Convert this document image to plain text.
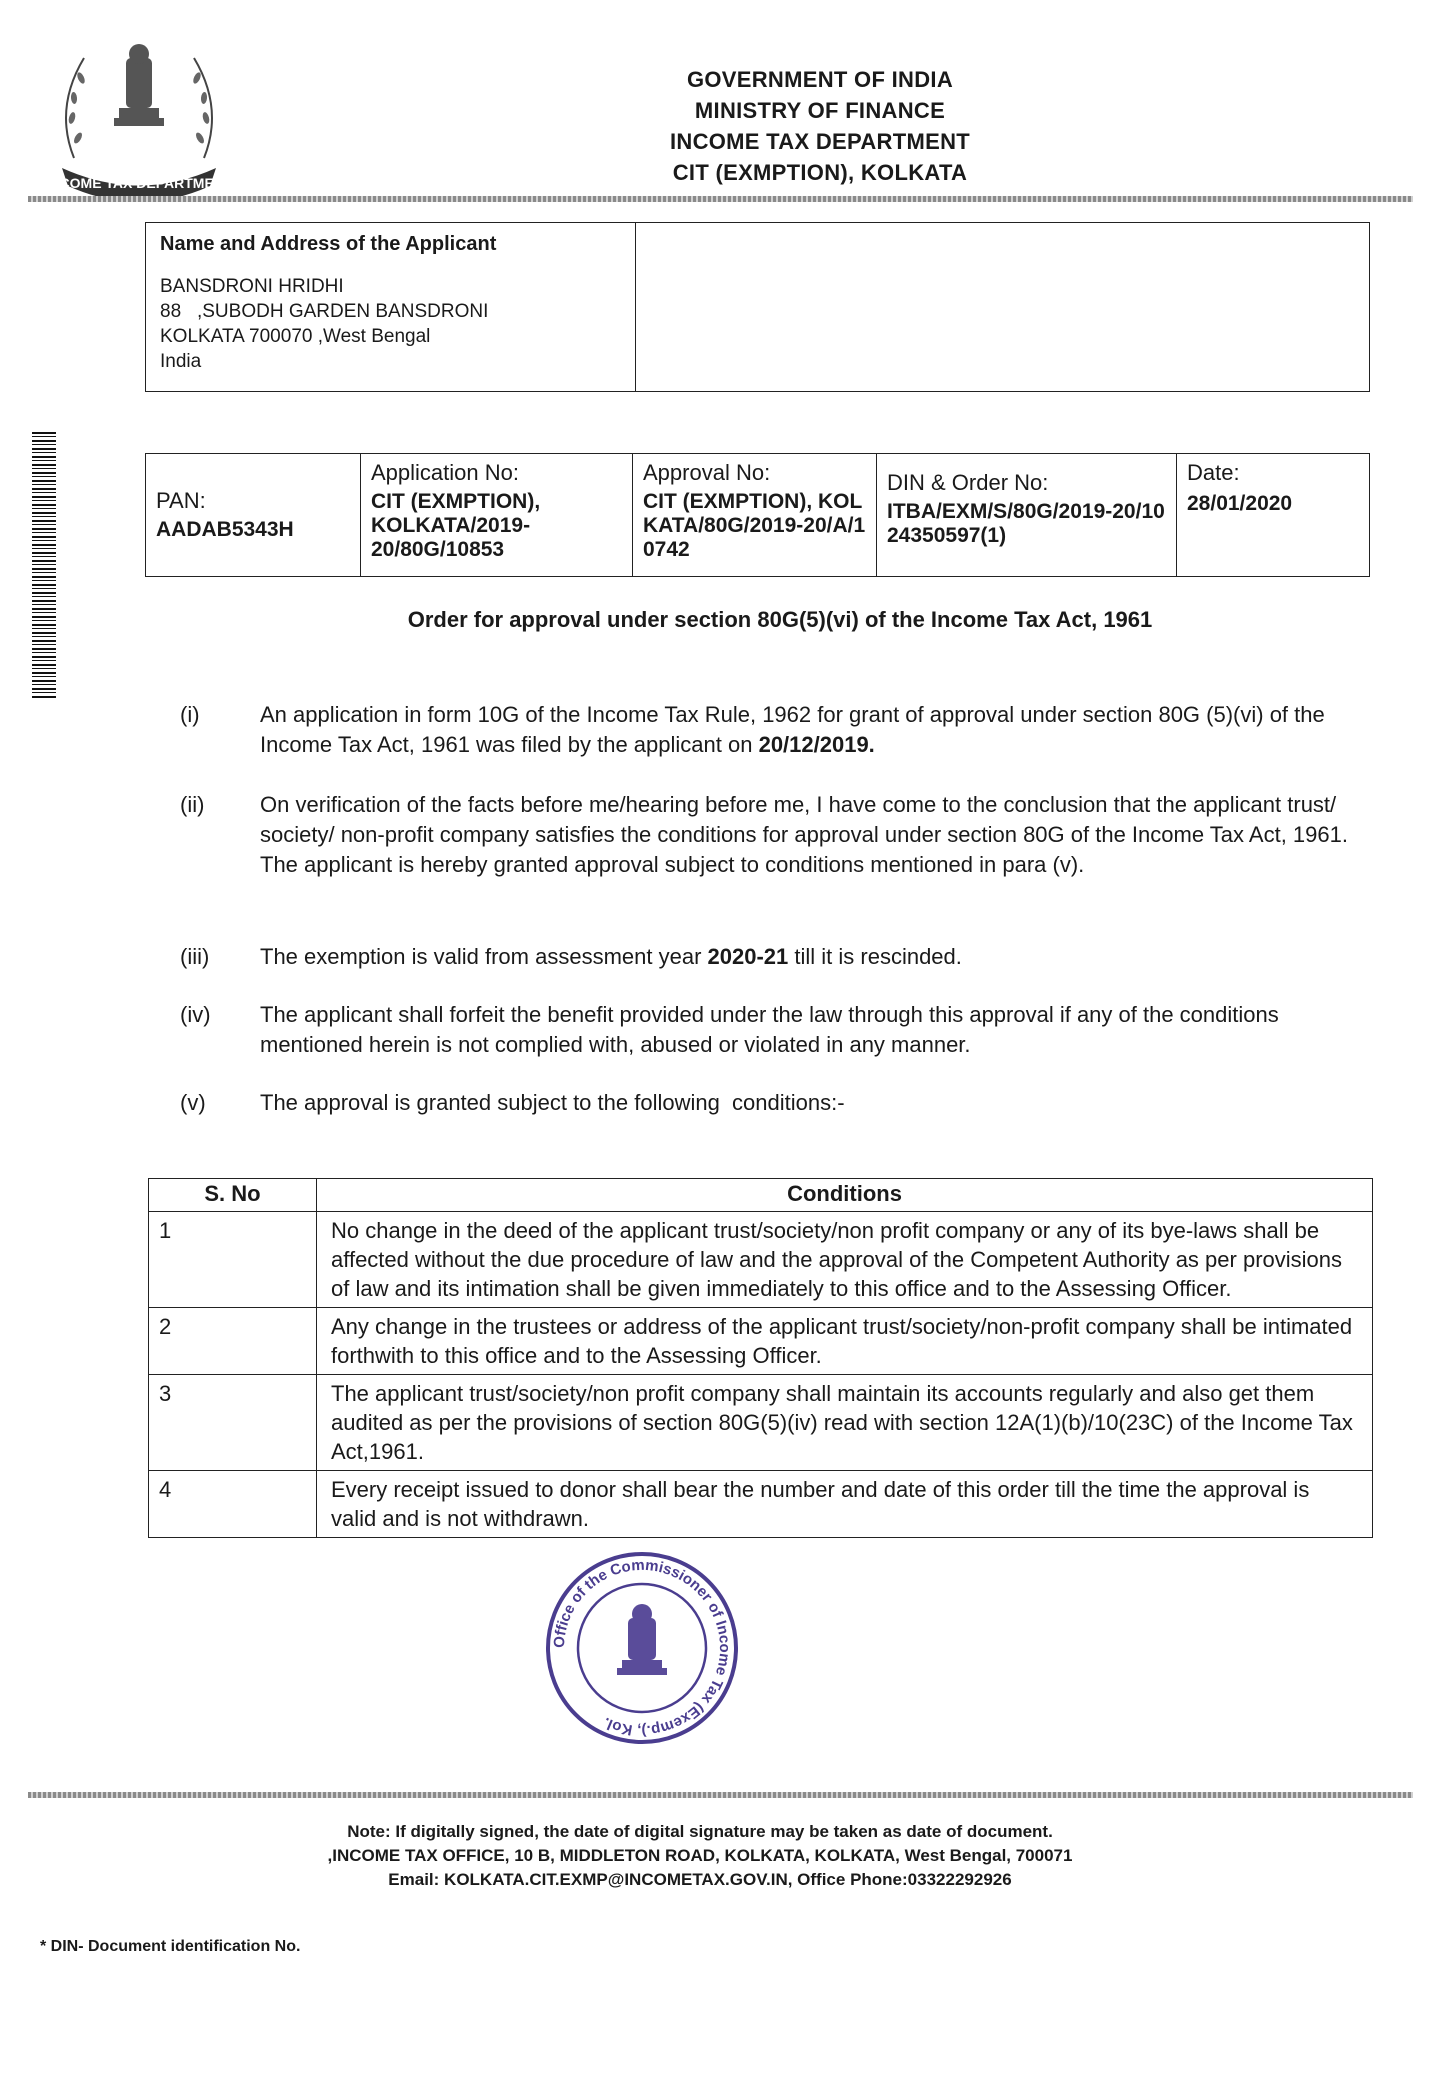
INCOME TAX DEPARTMENT
GOVERNMENT OF INDIA
MINISTRY OF FINANCE
INCOME TAX DEPARTMENT
CIT (EXMPTION), KOLKATA
Name and Address of the Applicant
BANSDRONI HRIDHI
88   ,SUBODH GARDEN BANSDRONI
KOLKATA 700070 ,West Bengal
India
PAN:
AADAB5343H
Application No:
CIT (EXMPTION), KOLKATA/2019-20/80G/10853
Approval No:
CIT (EXMPTION), KOLKATA/80G/2019-20/A/10742
DIN & Order No:
ITBA/EXM/S/80G/2019-20/1024350597(1)
Date:
28/01/2020
Order for approval under section 80G(5)(vi) of the Income Tax Act, 1961
(i)	An application in form 10G of the Income Tax Rule, 1962 for grant of approval under section 80G (5)(vi) of the Income Tax Act, 1961 was filed by the applicant on 20/12/2019.
(ii)	On verification of the facts before me/hearing before me, I have come to the conclusion that the applicant trust/ society/ non-profit company satisfies the conditions for approval under section 80G of the Income Tax Act, 1961. The applicant is hereby granted approval subject to conditions mentioned in para (v).
(iii)	The exemption is valid from assessment year 2020-21 till it is rescinded.
(iv)	The applicant shall forfeit the benefit provided under the law through this approval if any of the conditions mentioned herein is not complied with, abused or violated in any manner.
(v)	The approval is granted subject to the following  conditions:-
S. No	Conditions
1	No change in the deed of the applicant trust/society/non profit company or any of its bye-laws shall be affected without the due procedure of law and the approval of the Competent Authority as per provisions of law and its intimation shall be given immediately to this office and to the Assessing Officer.
2	Any change in the trustees or address of the applicant trust/society/non-profit company shall be intimated forthwith to this office and to the Assessing Officer.
3	The applicant trust/society/non profit company shall maintain its accounts regularly and also get them audited as per the provisions of section 80G(5)(iv) read with section 12A(1)(b)/10(23C) of the Income Tax Act,1961.
4	Every receipt issued to donor shall bear the number and date of this order till the time the approval is valid and is not withdrawn.
Office of the Commissioner of Income Tax (Exemp.), Kol.
Note: If digitally signed, the date of digital signature may be taken as date of document.
,INCOME TAX OFFICE, 10 B, MIDDLETON ROAD, KOLKATA, KOLKATA, West Bengal, 700071
Email: KOLKATA.CIT.EXMP@INCOMETAX.GOV.IN, Office Phone:03322292926
* DIN- Document identification No.
